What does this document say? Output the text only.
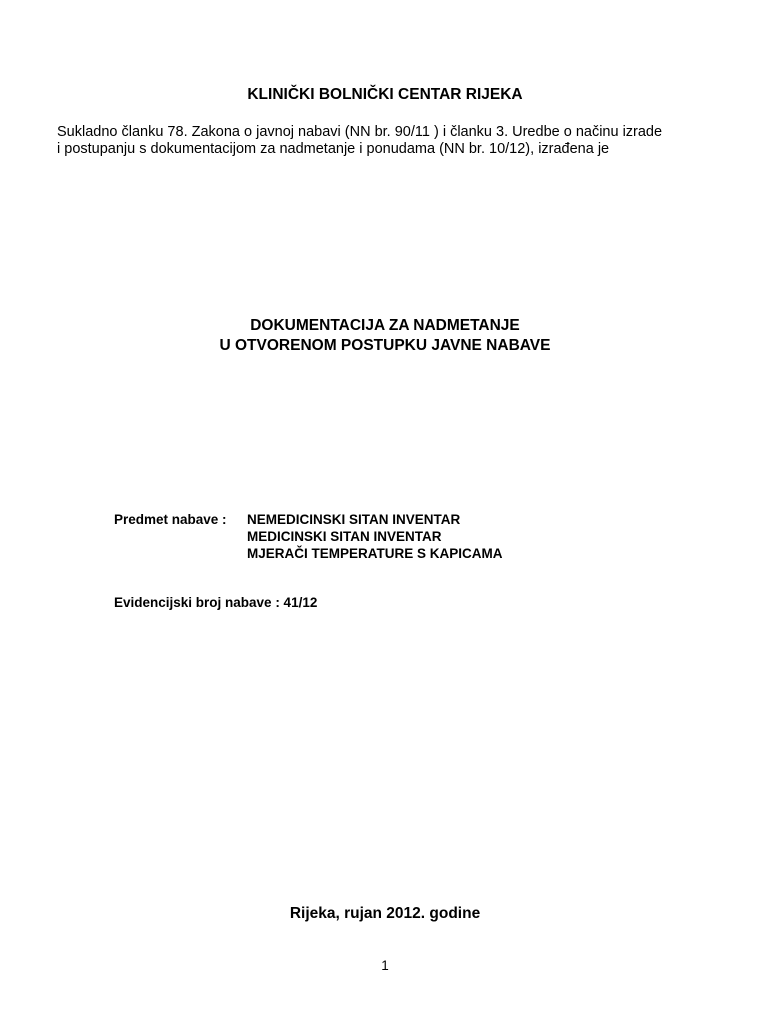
KLINIČKI BOLNIČKI CENTAR RIJEKA
Sukladno članku 78. Zakona o javnoj nabavi (NN br. 90/11 ) i članku 3. Uredbe o načinu izrade
i postupanju s dokumentacijom za nadmetanje i ponudama (NN br. 10/12), izrađena je
DOKUMENTACIJA ZA NADMETANJE
U OTVORENOM POSTUPKU JAVNE NABAVE
Predmet nabave : NEMEDICINSKI SITAN INVENTAR
MEDICINSKI SITAN INVENTAR
MJERAČI TEMPERATURE S KAPICAMA
Evidencijski broj nabave : 41/12
Rijeka, rujan 2012. godine
1
